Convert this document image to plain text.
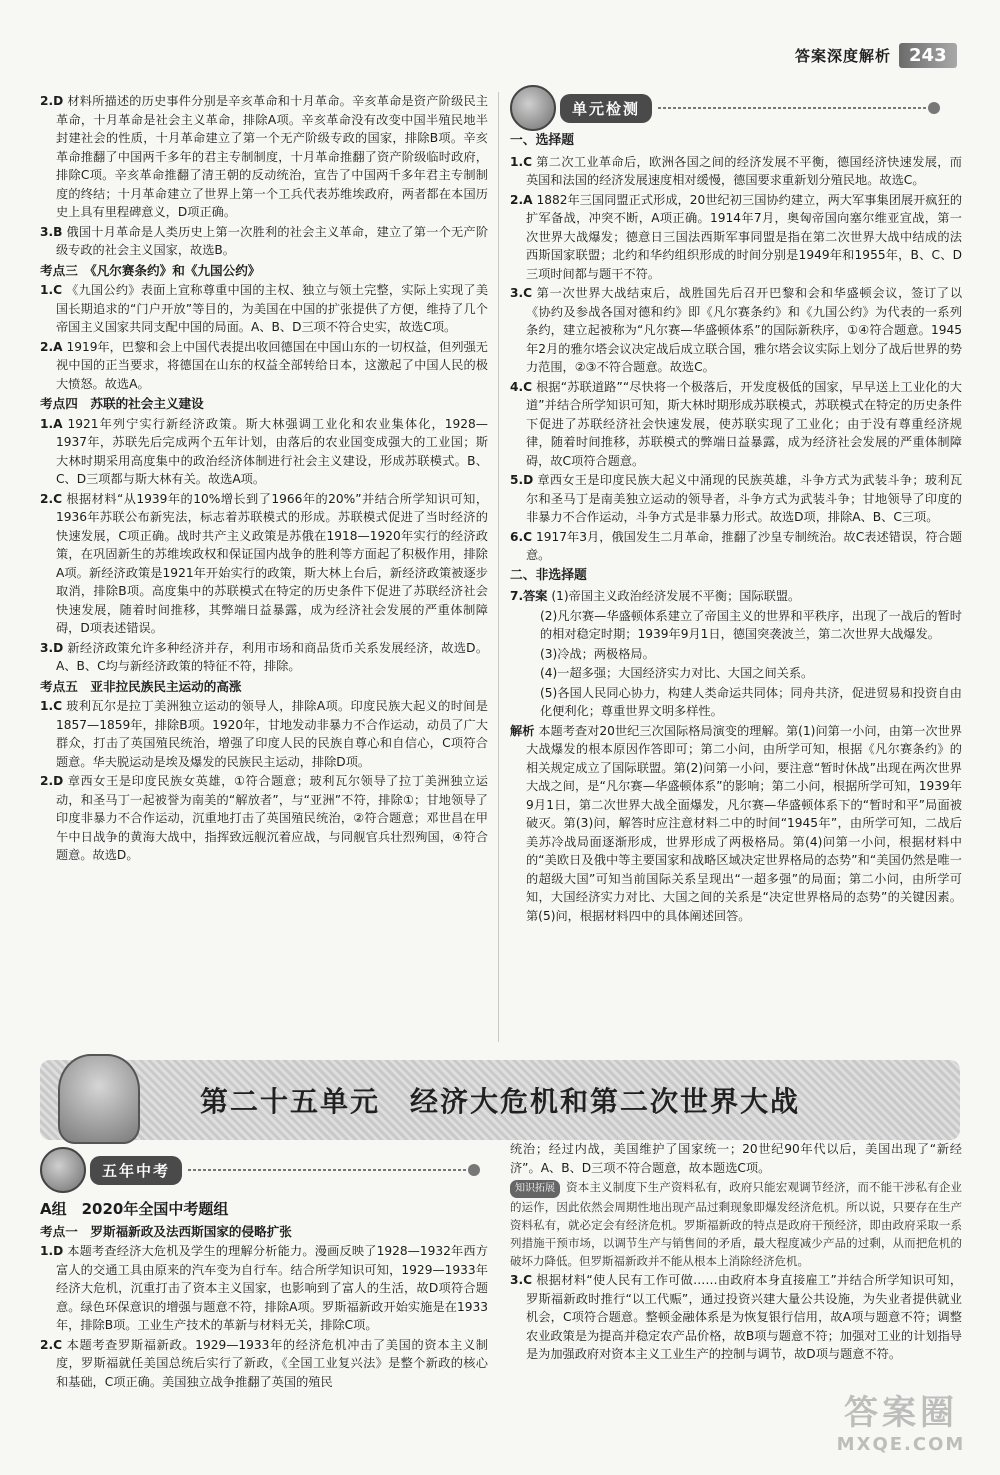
答案深度解析	243

2.D 材料所描述的历史事件分别是辛亥革命和十月革命。辛亥革命是资产阶级民主革命，十月革命是社会主义革命，排除A项。辛亥革命没有改变中国半殖民地半封建社会的性质，十月革命建立了第一个无产阶级专政的国家，排除B项。辛亥革命推翻了中国两千多年的君主专制制度，十月革命推翻了资产阶级临时政府，排除C项。辛亥革命推翻了清王朝的反动统治，宣告了中国两千多年君主专制制度的终结；十月革命建立了世界上第一个工兵代表苏维埃政府，两者都在本国历史上具有里程碑意义，D项正确。

3.B 俄国十月革命是人类历史上第一次胜利的社会主义革命，建立了第一个无产阶级专政的社会主义国家，故选B。

考点三　《凡尔赛条约》和《九国公约》

1.C 《九国公约》表面上宣称尊重中国的主权、独立与领土完整，实际上实现了美国长期追求的“门户开放”等目的，为美国在中国的扩张提供了方便，维持了几个帝国主义国家共同支配中国的局面。A、B、D三项不符合史实，故选C项。

2.A 1919年，巴黎和会上中国代表提出收回德国在中国山东的一切权益，但列强无视中国的正当要求，将德国在山东的权益全部转给日本，这激起了中国人民的极大愤怒。故选A。

考点四　苏联的社会主义建设

1.A 1921年列宁实行新经济政策。斯大林强调工业化和农业集体化，1928—1937年，苏联先后完成两个五年计划，由落后的农业国变成强大的工业国；斯大林时期采用高度集中的政治经济体制进行社会主义建设，形成苏联模式。B、C、D三项都与斯大林有关。故选A项。

2.C 根据材料“从1939年的10%增长到了1966年的20%”并结合所学知识可知，1936年苏联公布新宪法，标志着苏联模式的形成。苏联模式促进了当时经济的快速发展，C项正确。战时共产主义政策是苏俄在1918—1920年实行的经济政策，在巩固新生的苏维埃政权和保证国内战争的胜利等方面起了积极作用，排除A项。新经济政策是1921年开始实行的政策，斯大林上台后，新经济政策被逐步取消，排除B项。高度集中的苏联模式在特定的历史条件下促进了苏联经济社会快速发展，随着时间推移，其弊端日益暴露，成为经济社会发展的严重体制障碍，D项表述错误。

3.D 新经济政策允许多种经济并存，利用市场和商品货币关系发展经济，故选D。A、B、C均与新经济政策的特征不符，排除。

考点五　亚非拉民族民主运动的高涨

1.C 玻利瓦尔是拉丁美洲独立运动的领导人，排除A项。印度民族大起义的时间是1857—1859年，排除B项。1920年，甘地发动非暴力不合作运动，动员了广大群众，打击了英国殖民统治，增强了印度人民的民族自尊心和自信心，C项符合题意。华夫脱运动是埃及爆发的民族民主运动，排除D项。

2.D 章西女王是印度民族女英雄，①符合题意；玻利瓦尔领导了拉丁美洲独立运动，和圣马丁一起被誉为南美的“解放者”，与“亚洲”不符，排除①；甘地领导了印度非暴力不合作运动，沉重地打击了英国殖民统治，②符合题意；邓世昌在甲午中日战争的黄海大战中，指挥致远舰沉着应战，与同舰官兵壮烈殉国，④符合题意。故选D。

单元检测

一、选择题

1.C 第二次工业革命后，欧洲各国之间的经济发展不平衡，德国经济快速发展，而英国和法国的经济发展速度相对缓慢，德国要求重新划分殖民地。故选C。

2.A 1882年三国同盟正式形成，20世纪初三国协约建立，两大军事集团展开疯狂的扩军备战，冲突不断，A项正确。1914年7月，奥匈帝国向塞尔维亚宣战，第一次世界大战爆发；德意日三国法西斯军事同盟是指在第二次世界大战中结成的法西斯国家联盟；北约和华约组织形成的时间分别是1949年和1955年，B、C、D三项时间都与题干不符。

3.C 第一次世界大战结束后，战胜国先后召开巴黎和会和华盛顿会议，签订了以《协约及参战各国对德和约》即《凡尔赛条约》和《九国公约》为代表的一系列条约，建立起被称为“凡尔赛—华盛顿体系”的国际新秩序，①④符合题意。1945年2月的雅尔塔会议决定战后成立联合国，雅尔塔会议实际上划分了战后世界的势力范围，②③不符合题意。故选C。

4.C 根据“苏联道路”“尽快将一个极落后，开发度极低的国家，早早送上工业化的大道”并结合所学知识可知，斯大林时期形成苏联模式，苏联模式在特定的历史条件下促进了苏联经济社会快速发展，使苏联实现了工业化；由于没有尊重经济规律，随着时间推移，苏联模式的弊端日益暴露，成为经济社会发展的严重体制障碍，故C项符合题意。

5.D 章西女王是印度民族大起义中涌现的民族英雄，斗争方式为武装斗争；玻利瓦尔和圣马丁是南美独立运动的领导者，斗争方式为武装斗争；甘地领导了印度的非暴力不合作运动，斗争方式是非暴力形式。故选D项，排除A、B、C三项。

6.C 1917年3月，俄国发生二月革命，推翻了沙皇专制统治。故C表述错误，符合题意。

二、非选择题

7.答案 (1)帝国主义政治经济发展不平衡；国际联盟。

(2)凡尔赛—华盛顿体系建立了帝国主义的世界和平秩序，出现了一战后的暂时的相对稳定时期；1939年9月1日，德国突袭波兰，第二次世界大战爆发。

(3)冷战；两极格局。

(4)一超多强；大国经济实力对比、大国之间关系。

(5)各国人民同心协力，构建人类命运共同体；同舟共济，促进贸易和投资自由化便利化；尊重世界文明多样性。

解析 本题考查对20世纪三次国际格局演变的理解。第(1)问第一小问，由第一次世界大战爆发的根本原因作答即可；第二小问，由所学可知，根据《凡尔赛条约》的相关规定成立了国际联盟。第(2)问第一小问，要注意“暂时休战”出现在两次世界大战之间，是“凡尔赛—华盛顿体系”的影响；第二小问，根据所学可知，1939年9月1日，第二次世界大战全面爆发，凡尔赛—华盛顿体系下的“暂时和平”局面被破灭。第(3)问，解答时应注意材料二中的时间“1945年”，由所学可知，二战后美苏冷战局面逐渐形成，世界形成了两极格局。第(4)问第一小问，根据材料中的“美欧日及俄中等主要国家和战略区域决定世界格局的态势”和“美国仍然是唯一的超级大国”可知当前国际关系呈现出“一超多强”的局面；第二小问，由所学可知，大国经济实力对比、大国之间的关系是“决定世界格局的态势”的关键因素。第(5)问，根据材料四中的具体阐述回答。

第二十五单元　经济大危机和第二次世界大战
五年中考

A组　2020年全国中考题组

考点一　罗斯福新政及法西斯国家的侵略扩张

1.D 本题考查经济大危机及学生的理解分析能力。漫画反映了1928—1932年西方富人的交通工具由原来的汽车变为自行车。结合所学知识可知，1929—1933年经济大危机，沉重打击了资本主义国家，也影响到了富人的生活，故D项符合题意。绿色环保意识的增强与题意不符，排除A项。罗斯福新政开始实施是在1933年，排除B项。工业生产技术的革新与材料无关，排除C项。

2.C 本题考查罗斯福新政。1929—1933年的经济危机冲击了美国的资本主义制度，罗斯福就任美国总统后实行了新政，《全国工业复兴法》是整个新政的核心和基础，C项正确。美国独立战争推翻了英国的殖民

统治；经过内战，美国维护了国家统一；20世纪90年代以后，美国出现了“新经济”。A、B、D三项不符合题意，故本题选C项。

知识拓展 资本主义制度下生产资料私有，政府只能宏观调节经济，而不能干涉私有企业的运作，因此依然会周期性地出现产品过剩现象即爆发经济危机。所以说，只要存在生产资料私有，就必定会有经济危机。罗斯福新政的特点是政府干预经济，即由政府采取一系列措施干预市场，以调节生产与销售间的矛盾，最大程度减少产品的过剩，从而把危机的破坏力降低。但罗斯福新政并不能从根本上消除经济危机。

3.C 根据材料“使人民有工作可做……由政府本身直接雇工”并结合所学知识可知，罗斯福新政时推行“以工代赈”，通过投资兴建大量公共设施，为失业者提供就业机会，C项符合题意。整顿金融体系是为恢复银行信用，故A项与题意不符；调整农业政策是为提高并稳定农产品价格，故B项与题意不符；加强对工业的计划指导是为加强政府对资本主义工业生产的控制与调节，故D项与题意不符。

答案圈
MXQE.COM
